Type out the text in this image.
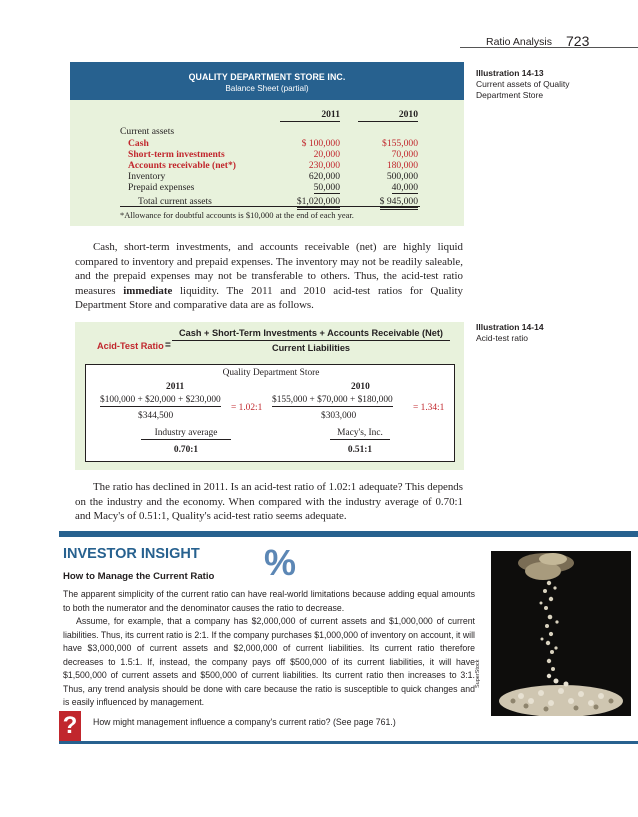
Ratio Analysis 723
Illustration 14-13
Current assets of Quality Department Store
QUALITY DEPARTMENT STORE INC.
Balance Sheet (partial)
2011	2010
Current assets
Cash	$ 100,000	$155,000
Short-term investments	20,000	70,000
Accounts receivable (net*)	230,000	180,000
Inventory	620,000	500,000
Prepaid expenses	50,000	40,000
Total current assets	$1,020,000	$ 945,000
*Allowance for doubtful accounts is $10,000 at the end of each year.

Cash, short-term investments, and accounts receivable (net) are highly liquid compared to inventory and prepaid expenses. The inventory may not be readily saleable, and the prepaid expenses may not be transferable to others. Thus, the acid-test ratio measures immediate liquidity. The 2011 and 2010 acid-test ratios for Quality Department Store and comparative data are as follows.

Illustration 14-14
Acid-test ratio
Acid-Test Ratio =
Cash + Short-Term Investments + Accounts Receivable (Net)
Current Liabilities
Quality Department Store
2011	2010
$100,000 + $20,000 + $230,000
$344,500
= 1.02:1
$155,000 + $70,000 + $180,000
$303,000
= 1.34:1
Industry average
0.70:1
Macy's, Inc.
0.51:1

The ratio has declined in 2011. Is an acid-test ratio of 1.02:1 adequate? This depends on the industry and the economy. When compared with the industry average of 0.70:1 and Macy's of 0.51:1, Quality's acid-test ratio seems adequate.

INVESTOR INSIGHT %
How to Manage the Current Ratio

The apparent simplicity of the current ratio can have real-world limitations because adding equal amounts to both the numerator and the denominator causes the ratio to decrease.

Assume, for example, that a company has $2,000,000 of current assets and $1,000,000 of current liabilities. Thus, its current ratio is 2:1. If the company purchases $1,000,000 of inventory on account, it will have $3,000,000 of current assets and $2,000,000 of current liabilities. Its current ratio therefore decreases to 1.5:1. If, instead, the company pays off $500,000 of its current liabilities, it will have $1,500,000 of current assets and $500,000 of current liabilities. Its current ratio then increases to 3:1. Thus, any trend analysis should be done with care because the ratio is susceptible to quick changes and is easily influenced by management.

SuperStock
?	How might management influence a company's current ratio? (See page 761.)
